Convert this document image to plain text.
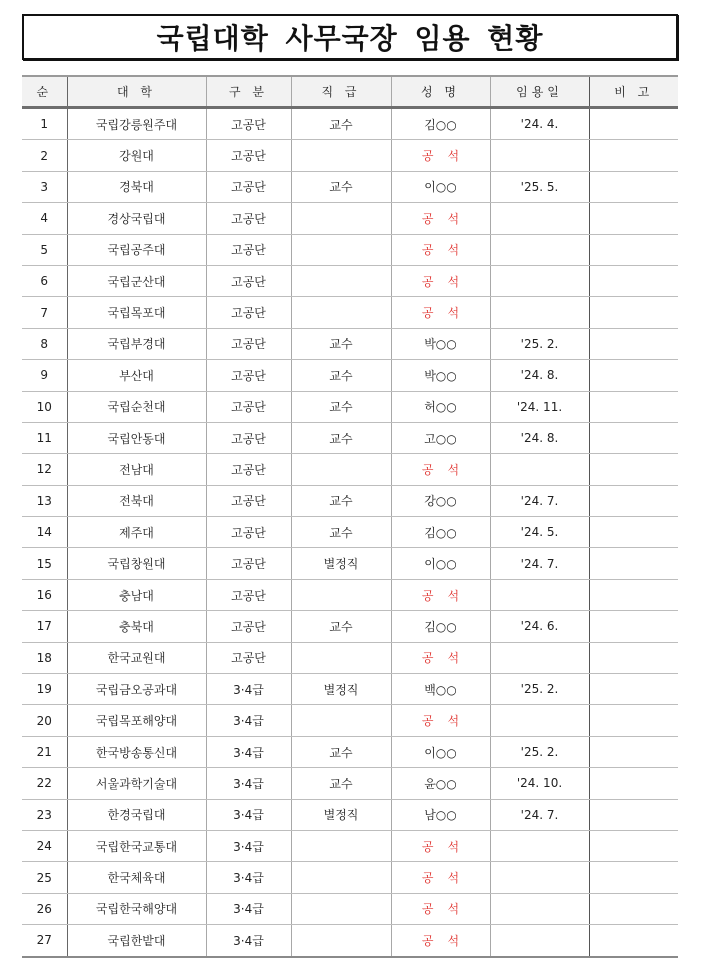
국립대학 사무국장 임용 현황
순	대 학	구 분	직 급	성 명	임용일	비 고
1	국립강릉원주대	고공단	교수	김○○	'24. 4.	
2	강원대	고공단		공석		
3	경북대	고공단	교수	이○○	'25. 5.	
4	경상국립대	고공단		공석		
5	국립공주대	고공단		공석		
6	국립군산대	고공단		공석		
7	국립목포대	고공단		공석		
8	국립부경대	고공단	교수	박○○	'25. 2.	
9	부산대	고공단	교수	박○○	'24. 8.	
10	국립순천대	고공단	교수	허○○	'24. 11.	
11	국립안동대	고공단	교수	고○○	'24. 8.	
12	전남대	고공단		공석		
13	전북대	고공단	교수	강○○	'24. 7.	
14	제주대	고공단	교수	김○○	'24. 5.	
15	국립창원대	고공단	별정직	이○○	'24. 7.	
16	충남대	고공단		공석		
17	충북대	고공단	교수	김○○	'24. 6.	
18	한국교원대	고공단		공석		
19	국립금오공과대	3·4급	별정직	백○○	'25. 2.	
20	국립목포해양대	3·4급		공석		
21	한국방송통신대	3·4급	교수	이○○	'25. 2.	
22	서울과학기술대	3·4급	교수	윤○○	'24. 10.	
23	한경국립대	3·4급	별정직	남○○	'24. 7.	
24	국립한국교통대	3·4급		공석		
25	한국체육대	3·4급		공석		
26	국립한국해양대	3·4급		공석		
27	국립한밭대	3·4급		공석		
